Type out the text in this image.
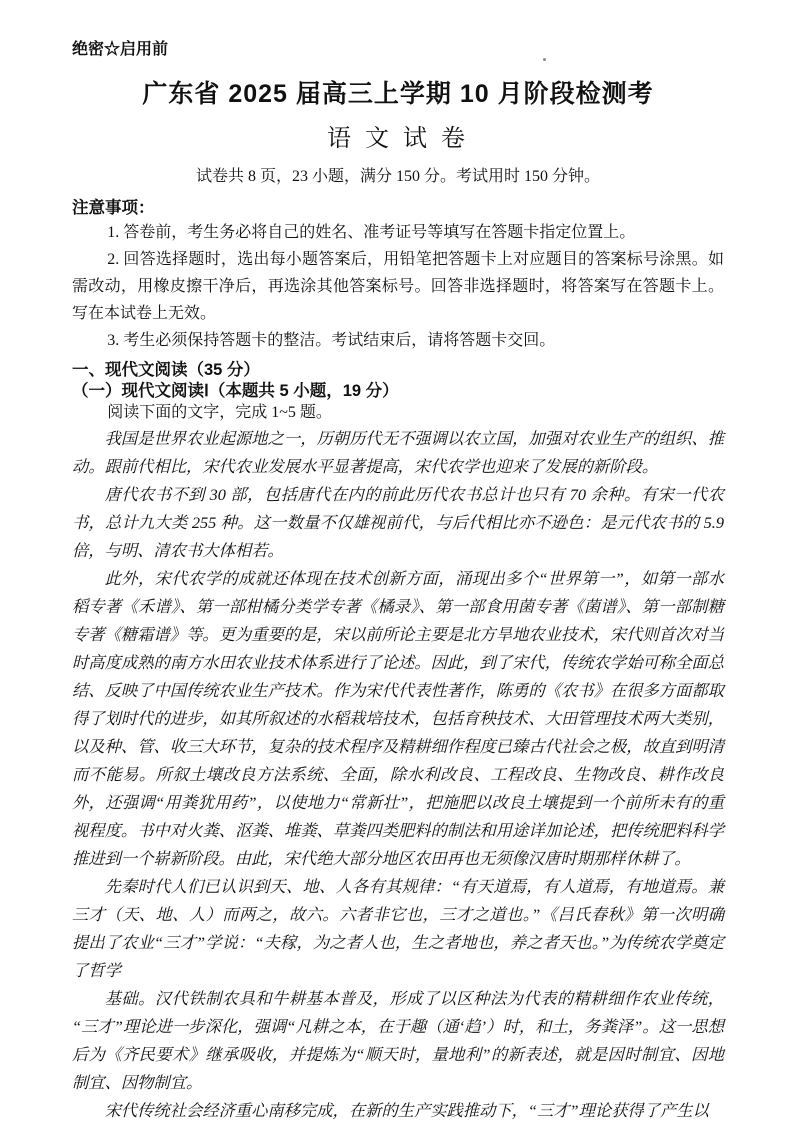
绝密☆启用前
广东省 2025 届高三上学期 10 月阶段检测考
语 文 试 卷
试卷共 8 页，23 小题，满分 150 分。考试用时 150 分钟。
注意事项：

1. 答卷前，考生务必将自己的姓名、准考证号等填写在答题卡指定位置上。

2. 回答选择题时，选出每小题答案后，用铅笔把答题卡上对应题目的答案标号涂黑。如需改动，用橡皮擦干净后，再选涂其他答案标号。回答非选择题时，将答案写在答题卡上。写在本试卷上无效。

3. 考生必须保持答题卡的整洁。考试结束后，请将答题卡交回。

一、现代文阅读（35 分）
（一）现代文阅读Ⅰ（本题共 5 小题，19 分）

阅读下面的文字，完成 1~5 题。

我国是世界农业起源地之一，历朝历代无不强调以农立国，加强对农业生产的组织、推动。跟前代相比，宋代农业发展水平显著提高，宋代农学也迎来了发展的新阶段。

唐代农书不到 30 部，包括唐代在内的前此历代农书总计也只有 70 余种。有宋一代农书，总计九大类 255 种。这一数量不仅雄视前代，与后代相比亦不逊色：是元代农书的 5.9 倍，与明、清农书大体相若。

此外，宋代农学的成就还体现在技术创新方面，涌现出多个“世界第一”，如第一部水稻专著《禾谱》、第一部柑橘分类学专著《橘录》、第一部食用菌专著《菌谱》、第一部制糖专著《糖霜谱》等。更为重要的是，宋以前所论主要是北方旱地农业技术，宋代则首次对当时高度成熟的南方水田农业技术体系进行了论述。因此，到了宋代，传统农学始可称全面总结、反映了中国传统农业生产技术。作为宋代代表性著作，陈勇的《农书》在很多方面都取得了划时代的进步，如其所叙述的水稻栽培技术，包括育秧技术、大田管理技术两大类别，以及种、管、收三大环节，复杂的技术程序及精耕细作程度已臻古代社会之极，故直到明清而不能易。所叙土壤改良方法系统、全面，除水利改良、工程改良、生物改良、耕作改良外，还强调“用粪犹用药”，以使地力“常新壮”，把施肥以改良土壤提到一个前所未有的重视程度。书中对火粪、沤粪、堆粪、草粪四类肥料的制法和用途详加论述，把传统肥料科学推进到一个崭新阶段。由此，宋代绝大部分地区农田再也无须像汉唐时期那样休耕了。

先秦时代人们已认识到天、地、人各有其规律：“有天道焉，有人道焉，有地道焉。兼三才（天、地、人）而两之，故六。六者非它也，三才之道也。”《吕氏春秋》第一次明确提出了农业“三才”学说：“夫稼，为之者人也，生之者地也，养之者天也。”为传统农学奠定了哲学

基础。汉代铁制农具和牛耕基本普及，形成了以区种法为代表的精耕细作农业传统，“三才”理论进一步深化，强调“凡耕之本，在于趣（通‘趋’）时，和土，务粪泽”。这一思想后为《齐民要术》继承吸收，并提炼为“顺天时，量地利”的新表述，就是因时制宜、因地制宜、因物制宜。

宋代传统社会经济重心南移完成，在新的生产实践推动下，“三才”理论获得了产生以
